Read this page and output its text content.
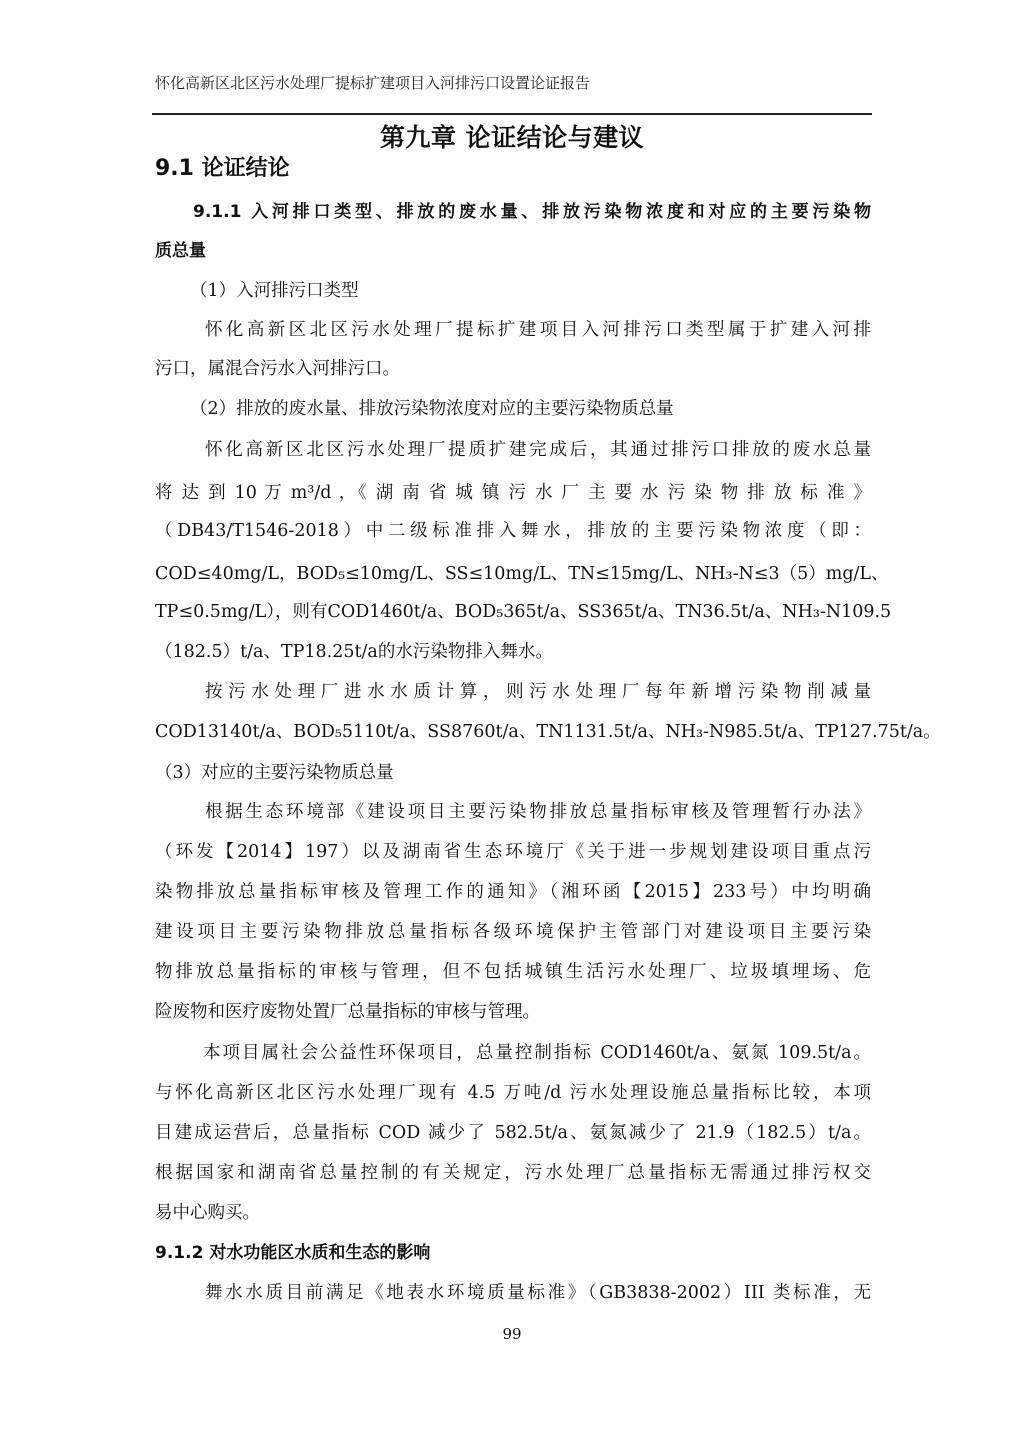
怀化高新区北区污水处理厂提标扩建项目入河排污口设置论证报告
第九章 论证结论与建议
9.1 论证结论
9.1.1 入河排口类型、排放的废水量、排放污染物浓度和对应的主要污染物
质总量
（1）入河排污口类型
怀化高新区北区污水处理厂提标扩建项目入河排污口类型属于扩建入河排
污口，属混合污水入河排污口。
（2）排放的废水量、排放污染物浓度对应的主要污染物质总量
怀化高新区北区污水处理厂提质扩建完成后，其通过排污口排放的废水总量
将 达 到 10 万 m³/d ，《 湖 南 省 城 镇 污 水 厂 主 要 水 污 染 物 排 放 标 准 》
（DB43/T1546-2018）中二级标准排入舞水，排放的主要污染物浓度（即：
COD≤40mg/L，BOD₅≤10mg/L、SS≤10mg/L、TN≤15mg/L、NH₃-N≤3（5）mg/L、
TP≤0.5mg/L），则有COD1460t/a、BOD₅365t/a、SS365t/a、TN36.5t/a、NH₃-N109.5
（182.5）t/a、TP18.25t/a的水污染物排入舞水。
按污水处理厂进水水质计算，则污水处理厂每年新增污染物削减量
COD13140t/a、BOD₅5110t/a、SS8760t/a、TN1131.5t/a、NH₃-N985.5t/a、TP127.75t/a。
（3）对应的主要污染物质总量
根据生态环境部《建设项目主要污染物排放总量指标审核及管理暂行办法》
（环发【2014】197）以及湖南省生态环境厅《关于进一步规划建设项目重点污
染物排放总量指标审核及管理工作的通知》（湘环函【2015】233号）中均明确
建设项目主要污染物排放总量指标各级环境保护主管部门对建设项目主要污染
物排放总量指标的审核与管理，但不包括城镇生活污水处理厂、垃圾填埋场、危
险废物和医疗废物处置厂总量指标的审核与管理。
本项目属社会公益性环保项目，总量控制指标 COD1460t/a、氨氮 109.5t/a。
与怀化高新区北区污水处理厂现有 4.5 万吨/d 污水处理设施总量指标比较，本项
目建成运营后，总量指标 COD 减少了 582.5t/a、氨氮减少了 21.9（182.5）t/a。
根据国家和湖南省总量控制的有关规定，污水处理厂总量指标无需通过排污权交
易中心购买。
9.1.2 对水功能区水质和生态的影响
舞水水质目前满足《地表水环境质量标准》（GB3838-2002）III 类标准，无
99
